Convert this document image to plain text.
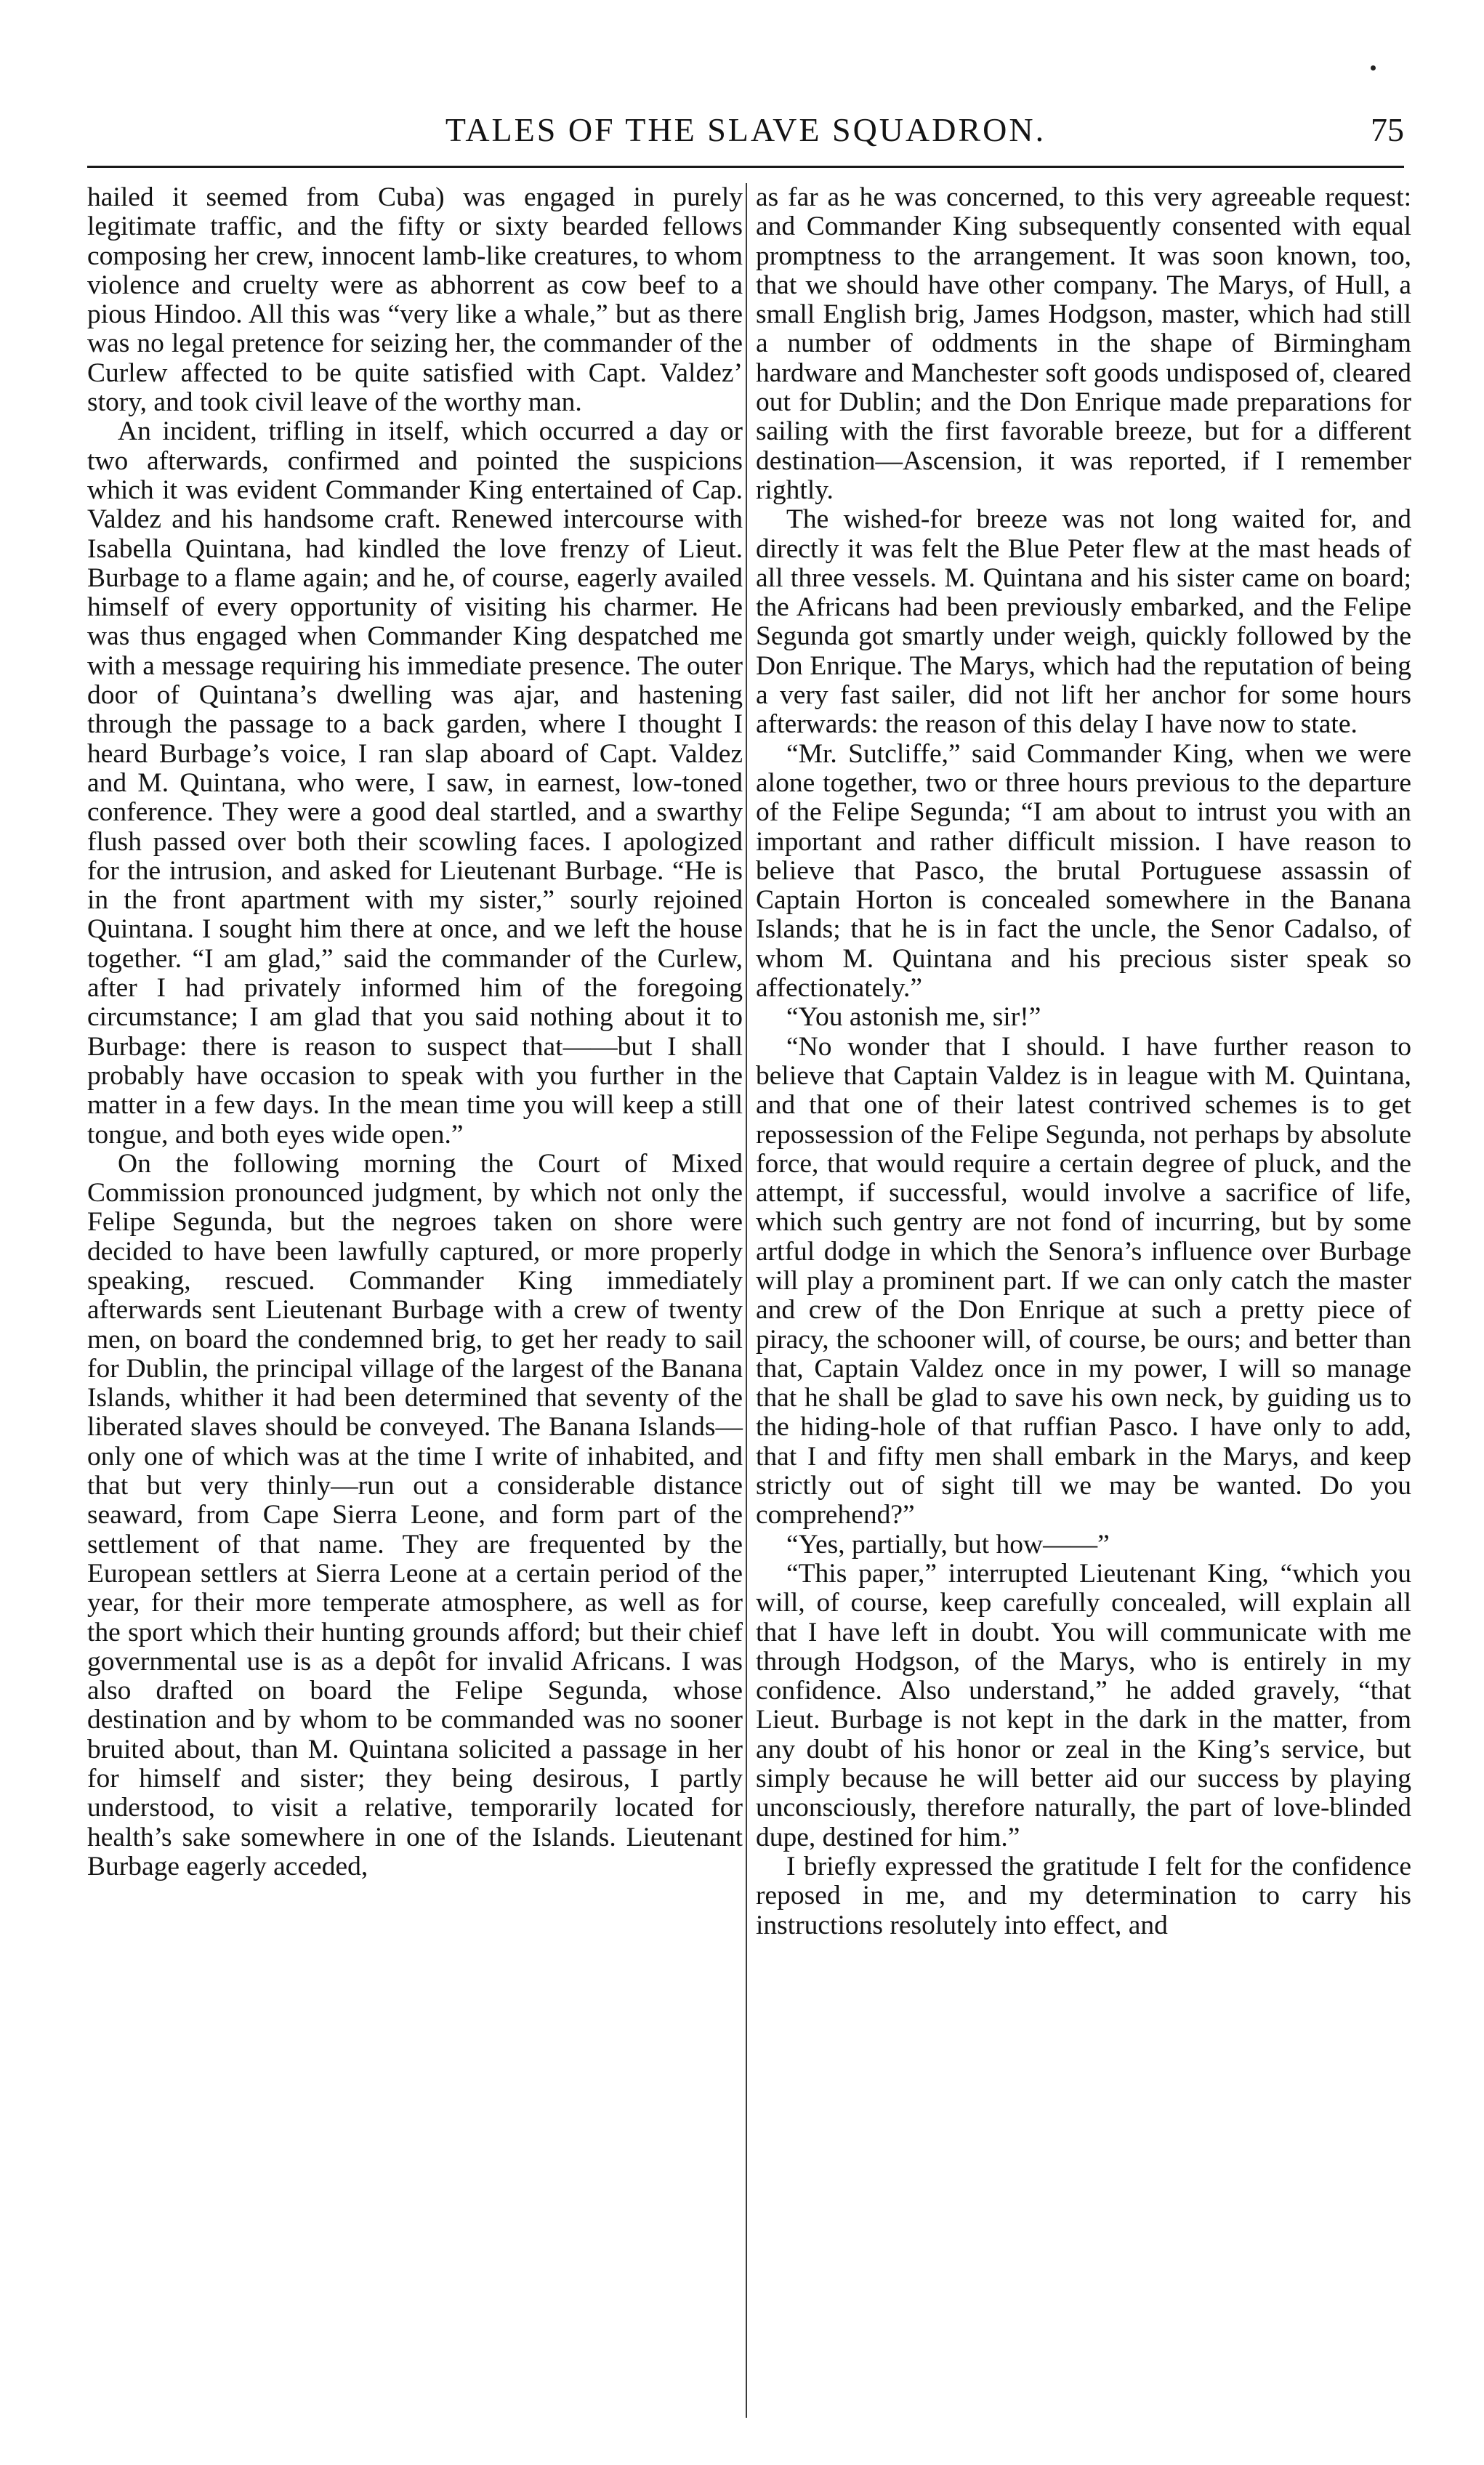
TALES OF THE SLAVE SQUADRON.	75

hailed it seemed from Cuba) was engaged in purely legitimate traffic, and the fifty or sixty bearded fellows composing her crew, innocent lamb-like creatures, to whom violence and cruelty were as abhorrent as cow beef to a pious Hindoo. All this was “very like a whale,” but as there was no legal pretence for seizing her, the commander of the Curlew affected to be quite satisfied with Capt. Valdez’ story, and took civil leave of the worthy man.

An incident, trifling in itself, which occurred a day or two afterwards, confirmed and pointed the suspicions which it was evident Commander King entertained of Cap. Valdez and his handsome craft. Renewed intercourse with Isabella Quintana, had kindled the love frenzy of Lieut. Burbage to a flame again; and he, of course, eagerly availed himself of every opportunity of visiting his charmer. He was thus engaged when Commander King despatched me with a message requiring his immediate presence. The outer door of Quintana’s dwelling was ajar, and hastening through the passage to a back garden, where I thought I heard Burbage’s voice, I ran slap aboard of Capt. Valdez and M. Quintana, who were, I saw, in earnest, low-toned conference. They were a good deal startled, and a swarthy flush passed over both their scowling faces. I apologized for the intrusion, and asked for Lieutenant Burbage. “He is in the front apartment with my sister,” sourly rejoined Quintana. I sought him there at once, and we left the house together. “I am glad,” said the commander of the Curlew, after I had privately informed him of the foregoing circumstance; I am glad that you said nothing about it to Burbage: there is reason to suspect that——but I shall probably have occasion to speak with you further in the matter in a few days. In the mean time you will keep a still tongue, and both eyes wide open.”

On the following morning the Court of Mixed Commission pronounced judgment, by which not only the Felipe Segunda, but the negroes taken on shore were decided to have been lawfully captured, or more properly speaking, rescued. Commander King immediately afterwards sent Lieutenant Burbage with a crew of twenty men, on board the condemned brig, to get her ready to sail for Dublin, the principal village of the largest of the Banana Islands, whither it had been determined that seventy of the liberated slaves should be conveyed. The Banana Islands—only one of which was at the time I write of inhabited, and that but very thinly—run out a considerable distance seaward, from Cape Sierra Leone, and form part of the settlement of that name. They are frequented by the European settlers at Sierra Leone at a certain period of the year, for their more temperate atmosphere, as well as for the sport which their hunting grounds afford; but their chief governmental use is as a depôt for invalid Africans. I was also drafted on board the Felipe Segunda, whose destination and by whom to be commanded was no sooner bruited about, than M. Quintana solicited a passage in her for himself and sister; they being desirous, I partly understood, to visit a relative, temporarily located for health’s sake somewhere in one of the Islands. Lieutenant Burbage eagerly acceded,

as far as he was concerned, to this very agreeable request: and Commander King subsequently consented with equal promptness to the arrangement. It was soon known, too, that we should have other company. The Marys, of Hull, a small English brig, James Hodgson, master, which had still a number of oddments in the shape of Birmingham hardware and Manchester soft goods undisposed of, cleared out for Dublin; and the Don Enrique made preparations for sailing with the first favorable breeze, but for a different destination—Ascension, it was reported, if I remember rightly.

The wished-for breeze was not long waited for, and directly it was felt the Blue Peter flew at the mast heads of all three vessels. M. Quintana and his sister came on board; the Africans had been previously embarked, and the Felipe Segunda got smartly under weigh, quickly followed by the Don Enrique. The Marys, which had the reputation of being a very fast sailer, did not lift her anchor for some hours afterwards: the reason of this delay I have now to state.

“Mr. Sutcliffe,” said Commander King, when we were alone together, two or three hours previous to the departure of the Felipe Segunda; “I am about to intrust you with an important and rather difficult mission. I have reason to believe that Pasco, the brutal Portuguese assassin of Captain Horton is concealed somewhere in the Banana Islands; that he is in fact the uncle, the Senor Cadalso, of whom M. Quintana and his precious sister speak so affectionately.”

“You astonish me, sir!”

“No wonder that I should. I have further reason to believe that Captain Valdez is in league with M. Quintana, and that one of their latest contrived schemes is to get repossession of the Felipe Segunda, not perhaps by absolute force, that would require a certain degree of pluck, and the attempt, if successful, would involve a sacrifice of life, which such gentry are not fond of incurring, but by some artful dodge in which the Senora’s influence over Burbage will play a prominent part. If we can only catch the master and crew of the Don Enrique at such a pretty piece of piracy, the schooner will, of course, be ours; and better than that, Captain Valdez once in my power, I will so manage that he shall be glad to save his own neck, by guiding us to the hiding-hole of that ruffian Pasco. I have only to add, that I and fifty men shall embark in the Marys, and keep strictly out of sight till we may be wanted. Do you comprehend?”

“Yes, partially, but how——”

“This paper,” interrupted Lieutenant King, “which you will, of course, keep carefully concealed, will explain all that I have left in doubt. You will communicate with me through Hodgson, of the Marys, who is entirely in my confidence. Also understand,” he added gravely, “that Lieut. Burbage is not kept in the dark in the matter, from any doubt of his honor or zeal in the King’s service, but simply because he will better aid our success by playing unconsciously, therefore naturally, the part of love-blinded dupe, destined for him.”

I briefly expressed the gratitude I felt for the confidence reposed in me, and my determination to carry his instructions resolutely into effect, and
